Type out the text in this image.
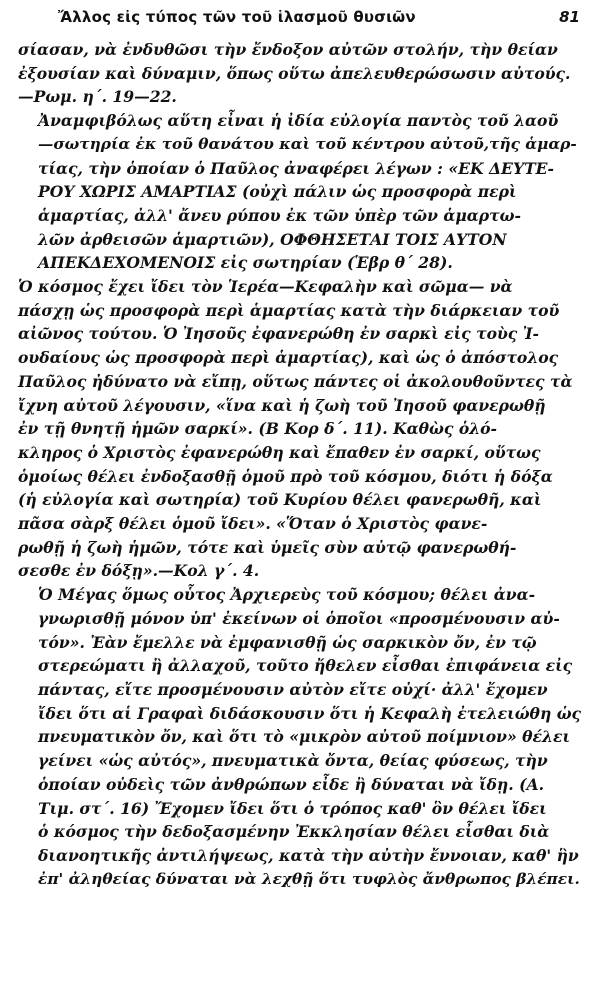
Ἄλλος εἰς τύπος τῶν τοῦ ἱλασμοῦ θυσιῶν	81

σίασαν, νὰ ἐνδυθῶσι τὴν ἔνδοξον αὐτῶν στολήν, τὴν θείαν
ἐξουσίαν καὶ δύναμιν, ὅπως οὕτω ἀπελευθερώσωσιν αὐτούς.
—Ρωμ. η΄. 19—22.

Ἀναμφιβόλως αὕτη εἶναι ἡ ἰδία εὐλογία παντὸς τοῦ λαοῦ
—σωτηρία ἐκ τοῦ θανάτου καὶ τοῦ κέντρου αὐτοῦ,τῆς ἁμαρ-
τίας, τὴν ὁποίαν ὁ Παῦλος ἀναφέρει λέγων : «ΕΚ ΔΕΥΤΕ-
ΡΟΥ ΧΩΡΙΣ ΑΜΑΡΤΙΑΣ (οὐχὶ πάλιν ὡς προσφορὰ περὶ
ἁμαρτίας, ἀλλ' ἄνευ ρύπου ἐκ τῶν ὑπὲρ τῶν ἁμαρτω-
λῶν ἀρθεισῶν ἁμαρτιῶν), ΟΦΘΗΣΕΤΑΙ ΤΟΙΣ ΑΥΤΟΝ
ΑΠΕΚΔΕΧΟΜΕΝΟΙΣ εἰς σωτηρίαν (Ἑβρ θ΄ 28).

Ὁ κόσμος ἔχει ἴδει τὸν Ἱερέα—Κεφαλὴν καὶ σῶμα— νὰ
πάσχῃ ὡς προσφορὰ περὶ ἁμαρτίας κατὰ τὴν διάρκειαν τοῦ
αἰῶνος τούτου. Ὁ Ἰησοῦς ἐφανερώθη ἐν σαρκὶ εἰς τοὺς Ἰ-
ουδαίους ὡς προσφορὰ περὶ ἁμαρτίας), καὶ ὡς ὁ ἀπόστολος
Παῦλος ἠδύνατο νὰ εἴπῃ, οὕτως πάντες οἱ ἀκολουθοῦντες τὰ
ἴχνη αὐτοῦ λέγουσιν, «ἵνα καὶ ἡ ζωὴ τοῦ Ἰησοῦ φανερωθῇ
ἐν τῇ θνητῇ ἡμῶν σαρκί». (Β Κορ δ΄. 11). Καθὼς ὁλό-
κληρος ὁ Χριστὸς ἐφανερώθη καὶ ἔπαθεν ἐν σαρκί, οὕτως
ὁμοίως θέλει ἐνδοξασθῇ ὁμοῦ πρὸ τοῦ κόσμου, διότι ἡ δόξα
(ἡ εὐλογία καὶ σωτηρία) τοῦ Κυρίου θέλει φανερωθῆ, καὶ
πᾶσα σὰρξ θέλει ὁμοῦ ἴδει». «Ὅταν ὁ Χριστὸς φανε-
ρωθῇ ἡ ζωὴ ἡμῶν, τότε καὶ ὑμεῖς σὺν αὐτῷ φανερωθή-
σεσθε ἐν δόξῃ».—Κολ γ΄. 4.

Ὁ Μέγας ὅμως οὗτος Ἀρχιερεὺς τοῦ κόσμου; θέλει ἀνα-
γνωρισθῇ μόνον ὑπ' ἐκείνων οἱ ὁποῖοι «προσμένουσιν αὐ-
τόν». Ἐὰν ἔμελλε νὰ ἐμφανισθῇ ὡς σαρκικὸν ὄν, ἐν τῷ
στερεώματι ἢ ἀλλαχοῦ, τοῦτο ἤθελεν εἶσθαι ἐπιφάνεια εἰς
πάντας, εἴτε προσμένουσιν αὐτὸν εἴτε οὐχί· ἀλλ' ἔχομεν
ἴδει ὅτι αἱ Γραφαὶ διδάσκουσιν ὅτι ἡ Κεφαλὴ ἐτελειώθη ὡς
πνευματικὸν ὄν, καὶ ὅτι τὸ «μικρὸν αὐτοῦ ποίμνιον» θέλει
γείνει «ὡς αὐτός», πνευματικὰ ὄντα, θείας φύσεως, τὴν
ὁποίαν οὐδεὶς τῶν ἀνθρώπων εἶδε ἢ δύναται νὰ ἴδῃ. (Α.
Τιμ. στ΄. 16) Ἔχομεν ἴδει ὅτι ὁ τρόπος καθ' ὃν θέλει ἴδει
ὁ κόσμος τὴν δεδοξασμένην Ἐκκλησίαν θέλει εἶσθαι διὰ
διανοητικῆς ἀντιλήψεως, κατὰ τὴν αὐτὴν ἔννοιαν, καθ' ἣν
ἐπ' ἀληθείας δύναται νὰ λεχθῇ ὅτι τυφλὸς ἄνθρωπος βλέπει.
